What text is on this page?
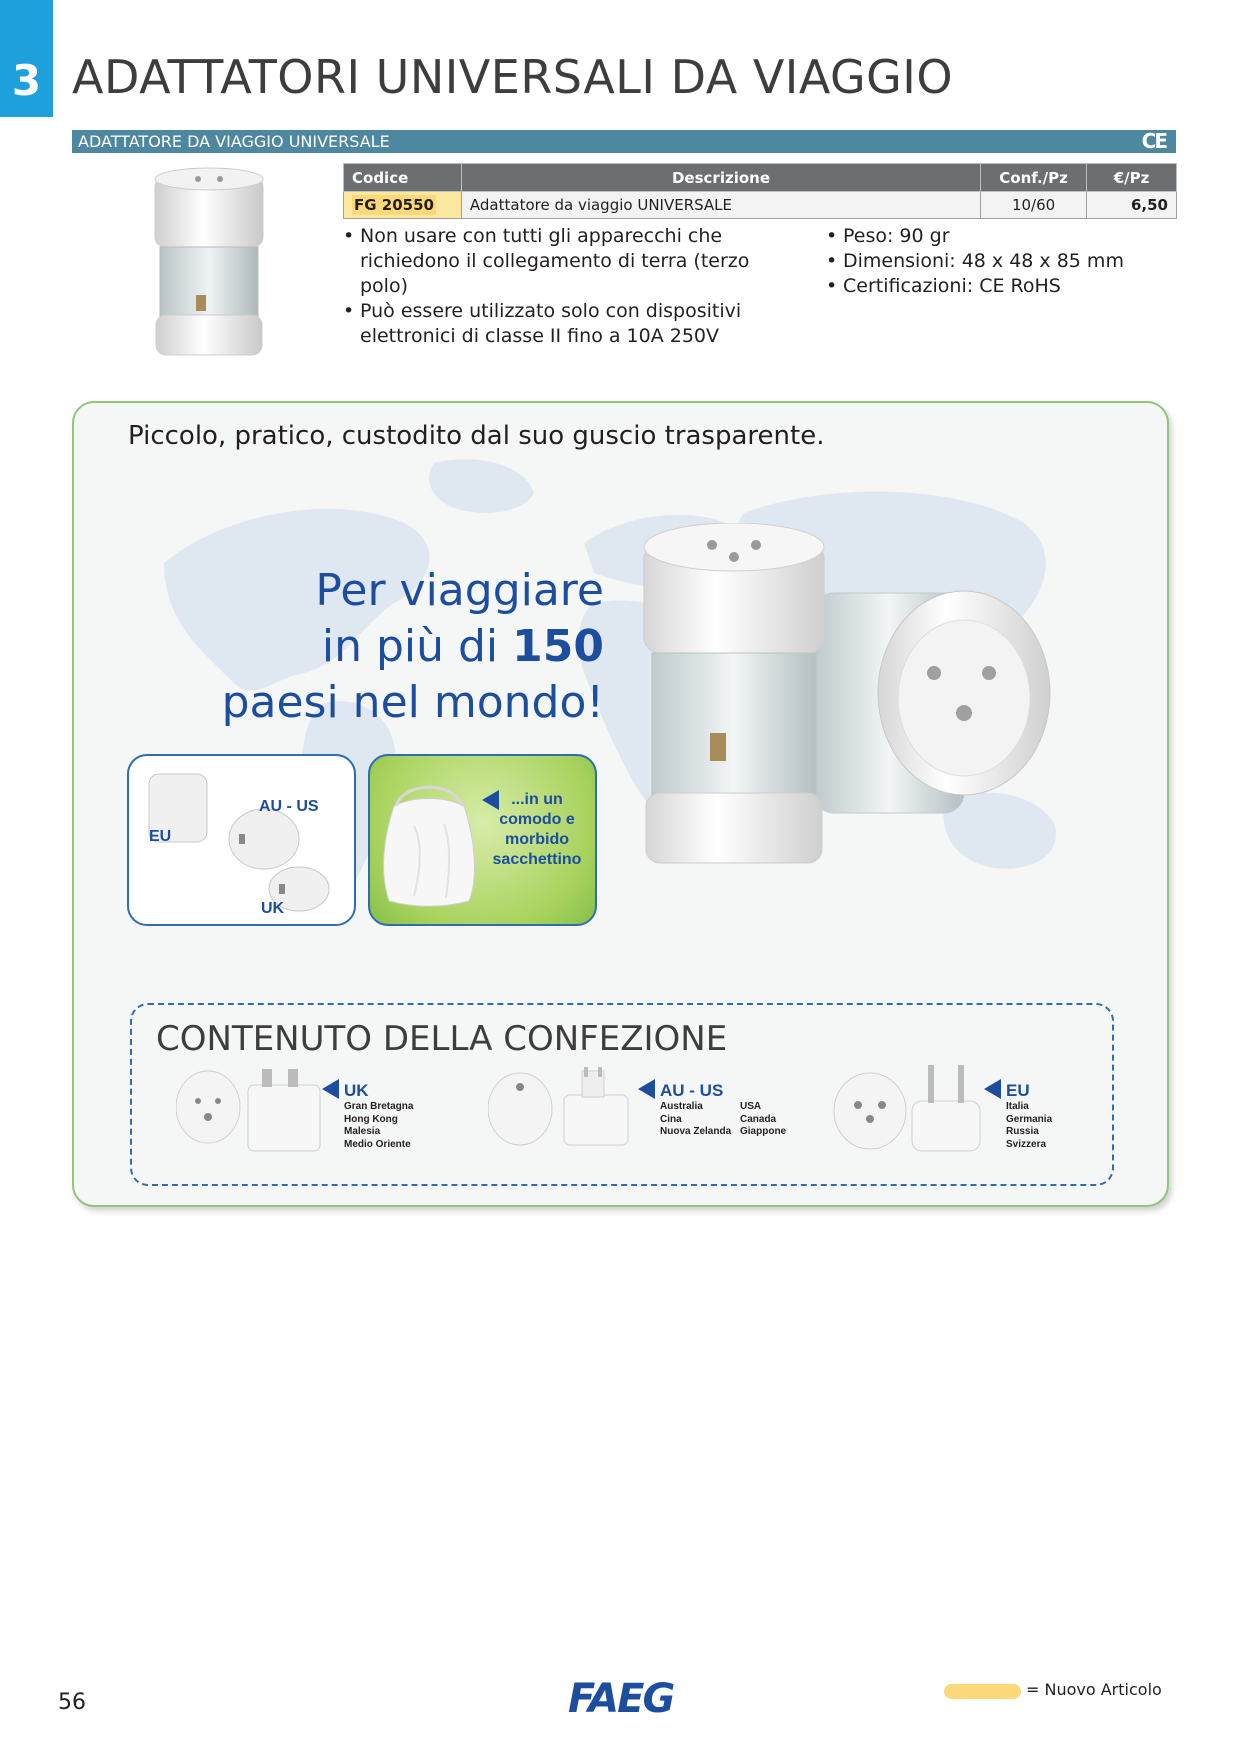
3 ADATTATORI UNIVERSALI DA VIAGGIO
ADATTATORE DA VIAGGIO UNIVERSALE	CE
Codice	Descrizione	Conf./Pz	€/Pz
FG 20550	Adattatore da viaggio UNIVERSALE	10/60	6,50
• Non usare con tutti gli apparecchi che richiedono il collegamento di terra (terzo polo)
• Può essere utilizzato solo con dispositivi elettronici di classe II fino a 10A 250V
• Peso: 90 gr
• Dimensioni: 48 x 48 x 85 mm
• Certificazioni: CE RoHS
Piccolo, pratico, custodito dal suo guscio trasparente.
Per viaggiare
in più di 150
paesi nel mondo!
EU
AU - US
UK
...in un comodo e morbido sacchettino
CONTENUTO DELLA CONFEZIONE
UK
Gran Bretagna
Hong Kong
Malesia
Medio Oriente
AU - US
Australia
Cina
Nuova Zelanda
USA
Canada
Giappone
EU
Italia
Germania
Russia
Svizzera
56	FAEG	= Nuovo Articolo
